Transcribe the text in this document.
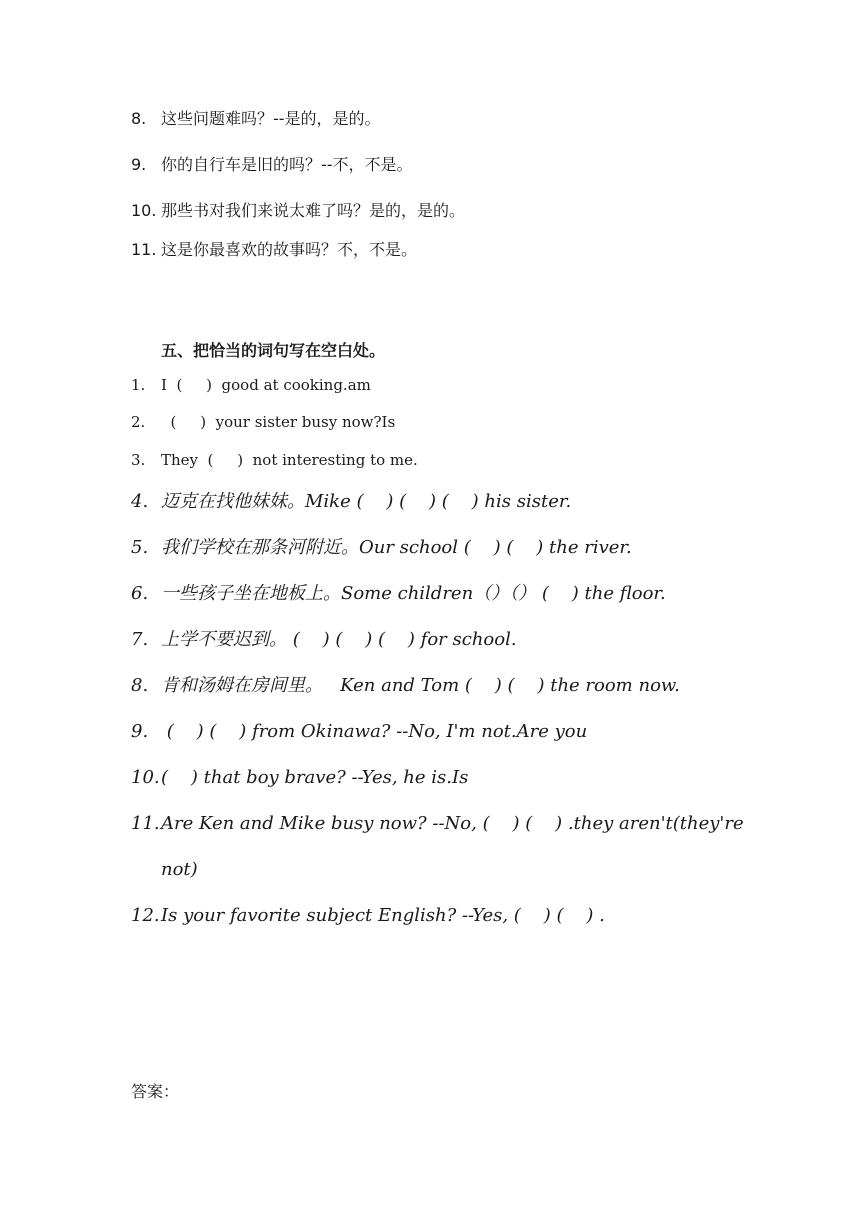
8. 这些问题难吗？--是的，是的。
9. 你的自行车是旧的吗？--不，不是。
10. 那些书对我们来说太难了吗？是的，是的。
11. 这是你最喜欢的故事吗？不，不是。
五、把恰当的词句写在空白处。
1. I  (     )  good at cooking.am
2.  (     )  your sister busy now?Is
3. They  (     )  not interesting to me.
4. 迈克在找他妹妹。Mike (    ) (    ) (    ) his sister.
5. 我们学校在那条河附近。Our school (    ) (    ) the river.
6. 一些孩子坐在地板上。Some children（）（） (    ) the floor.
7. 上学不要迟到。 (    ) (    ) (    ) for school.
8. 肯和汤姆在房间里。   Ken and Tom (    ) (    ) the room now.
9. (    ) (    ) from Okinawa? --No, I'm not.Are you
10.(    ) that boy brave? --Yes, he is.Is
11.Are Ken and Mike busy now? --No, (    ) (    ) .they aren't(they're
not)
12.Is your favorite subject English? --Yes, (    ) (    ) .
答案：
